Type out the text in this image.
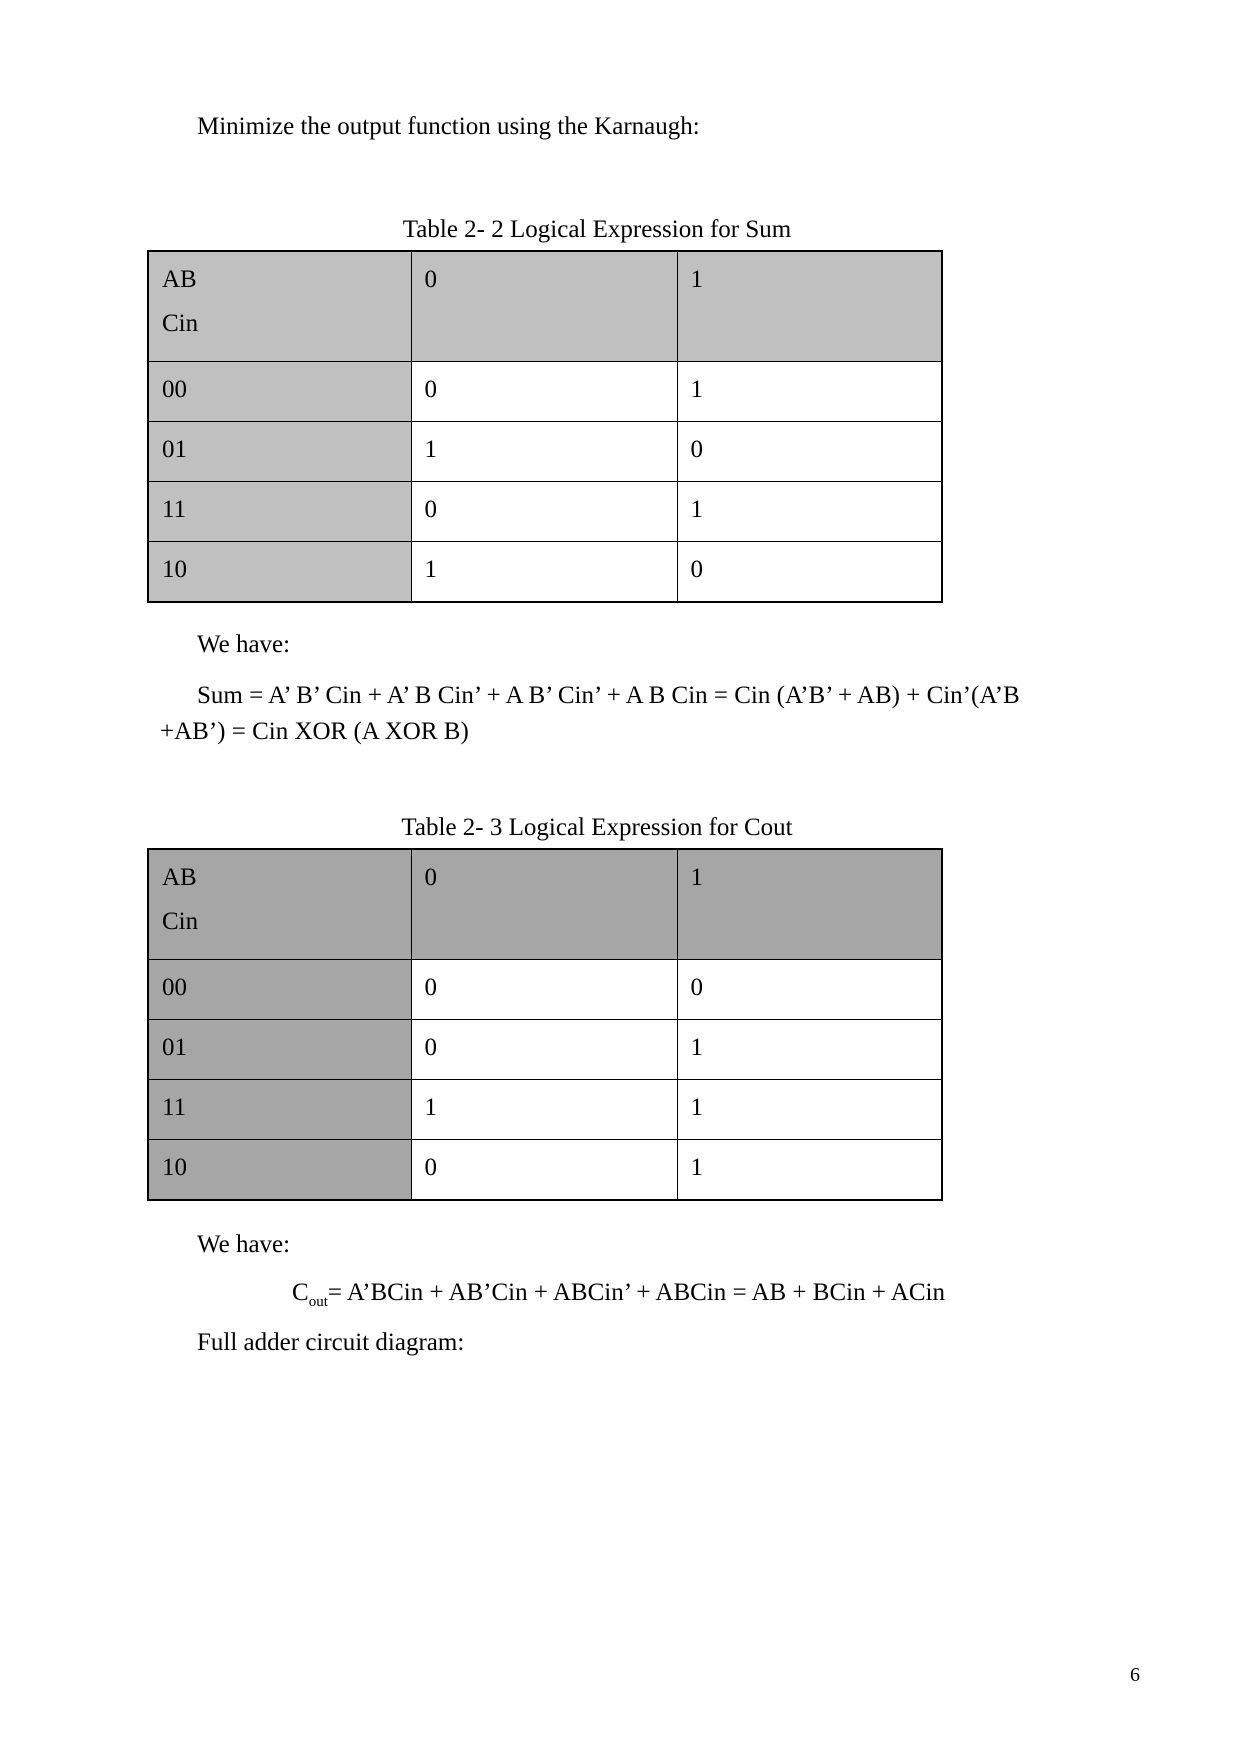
Minimize the output function using the Karnaugh:
Table 2- 2 Logical Expression for Sum
AB
Cin	0	1
00	0	1
01	1	0
11	0	1
10	1	0
We have:
Sum = A’ B’ Cin + A’ B Cin’ + A B’ Cin’ + A B Cin = Cin (A’B’ + AB) + Cin’(A’B
+AB’) = Cin XOR (A XOR B)
Table 2- 3 Logical Expression for Cout
AB
Cin	0	1
00	0	0
01	0	1
11	1	1
10	0	1
We have:
$C_{out}=$ A’BCin + AB’Cin + ABCin’ + ABCin = AB + BCin + ACin
Full adder circuit diagram:
6
